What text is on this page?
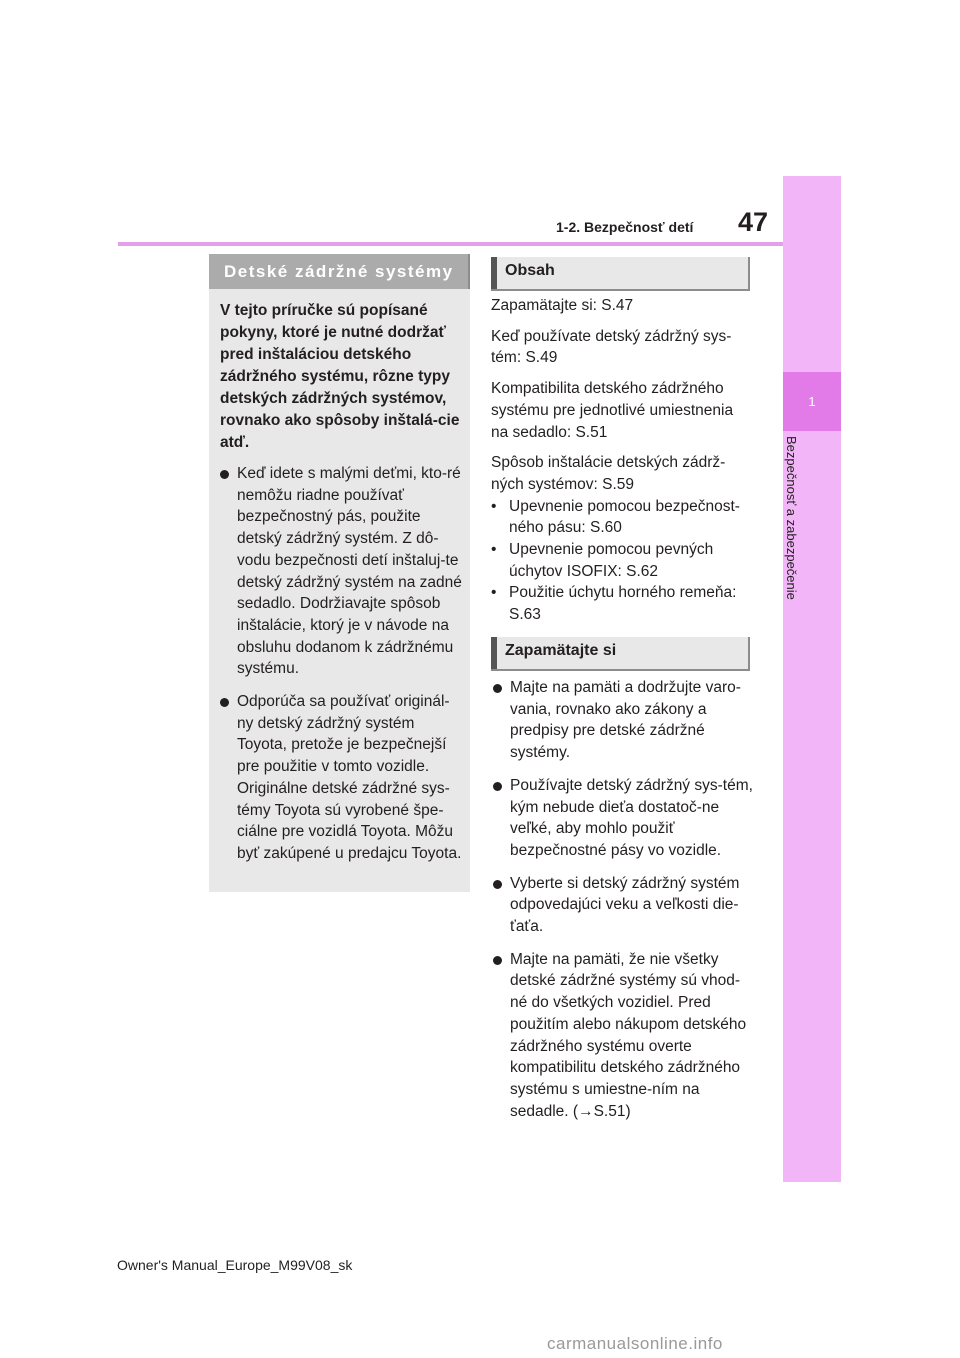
47
1-2. Bezpečnosť detí
1
Bezpečnosť a zabezpečenie
Detské zádržné systémy
V tejto príručke sú popísané pokyny, ktoré je nutné dodržať pred inštaláciou detského zádržného systému, rôzne typy detských zádržných systémov, rovnako ako spôsoby inštalá-cie atď.
Keď idete s malými deťmi, kto-ré nemôžu riadne používať bezpečnostný pás, použite detský zádržný systém. Z dô-vodu bezpečnosti detí inštaluj-te detský zádržný systém na zadné sedadlo. Dodržiavajte spôsob inštalácie, ktorý je v návode na obsluhu dodanom k zádržnému systému.
Odporúča sa používať originál-ny detský zádržný systém Toyota, pretože je bezpečnejší pre použitie v tomto vozidle. Originálne detské zádržné sys-témy Toyota sú vyrobené špe-ciálne pre vozidlá Toyota. Môžu byť zakúpené u predajcu Toyota.
Obsah

Zapamätajte si: S.47

Keď používate detský zádržný sys-tém: S.49

Kompatibilita detského zádržného systému pre jednotlivé umiestnenia na sedadlo: S.51

Spôsob inštalácie detských zádrž-ných systémov: S.59

• Upevnenie pomocou bezpečnost-ného pásu: S.60

• Upevnenie pomocou pevných úchytov ISOFIX: S.62

• Použitie úchytu horného remeňa: S.63

Zapamätajte si
Majte na pamäti a dodržujte varo-vania, rovnako ako zákony a predpisy pre detské zádržné systémy.
Používajte detský zádržný sys-tém, kým nebude dieťa dostatoč-ne veľké, aby mohlo použiť bezpečnostné pásy vo vozidle.
Vyberte si detský zádržný systém odpovedajúci veku a veľkosti die-ťaťa.
Majte na pamäti, že nie všetky detské zádržné systémy sú vhod-né do všetkých vozidiel. Pred použitím alebo nákupom detského zádržného systému overte kompatibilitu detského zádržného systému s umiestne-ním na sedadle. (→S.51)
Owner's Manual_Europe_M99V08_sk
carmanualsonline.info
